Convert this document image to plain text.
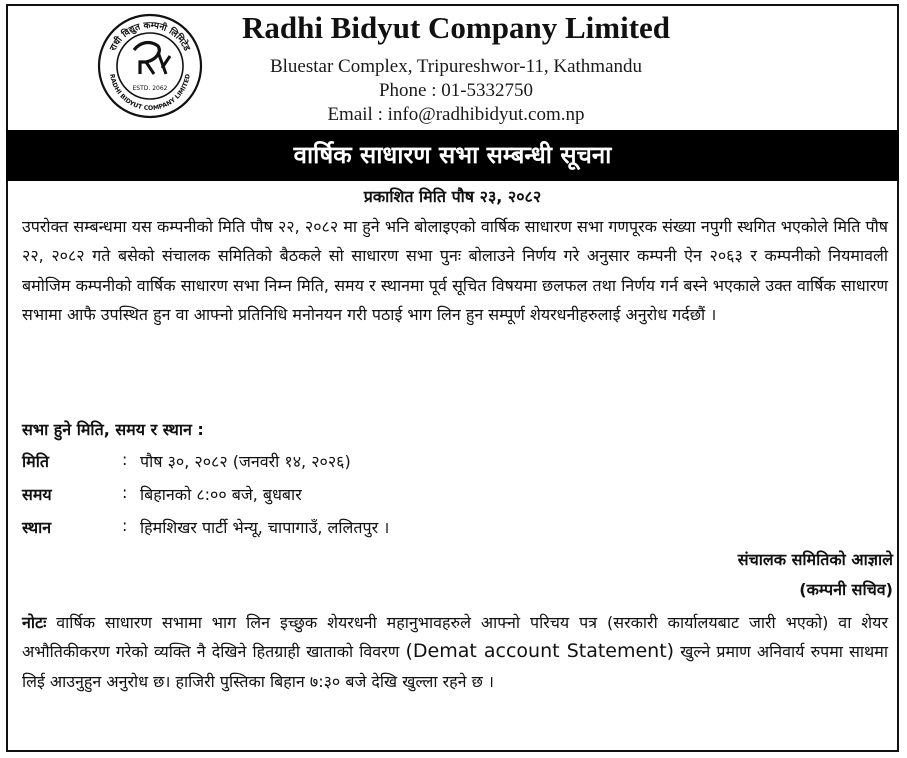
राधी विद्युत कम्पनी लिमिटेड
RADHI BIDYUT COMPANY LIMITED
ESTD. 2062
Radhi Bidyut Company Limited
Bluestar Complex, Tripureshwor-11, Kathmandu
Phone : 01-5332750
Email : info@radhibidyut.com.np
वार्षिक साधारण सभा सम्बन्धी सूचना
प्रकाशित मिति पौष २३, २०८२

उपरोक्त सम्बन्धमा यस कम्पनीको मिति पौष २२, २०८२ मा हुने भनि बोलाइएको वार्षिक साधारण सभा गणपूरक संख्या नपुगी स्थगित भएकोले मिति पौष २२, २०८२ गते बसेको संचालक समितिको बैठकले सो साधारण सभा पुनः बोलाउने निर्णय गरे अनुसार कम्पनी ऐन २०६३ र कम्पनीको नियमावली बमोजिम कम्पनीको वार्षिक साधारण सभा निम्न मिति, समय र स्थानमा पूर्व सूचित विषयमा छलफल तथा निर्णय गर्न बस्ने भएकाले उक्त वार्षिक साधारण सभामा आफै उपस्थित हुन वा आफ्नो प्रतिनिधि मनोनयन गरी पठाई भाग लिन हुन सम्पूर्ण शेयरधनीहरुलाई अनुरोध गर्दछौं ।

सभा हुने मिति, समय र स्थान :
मिति	: पौष ३०, २०८२ (जनवरी १४, २०२६)
समय	: बिहानको ८:०० बजे, बुधबार
स्थान	: हिमशिखर पार्टी भेन्यू, चापागाउँ, ललितपुर ।
संचालक समितिको आज्ञाले
(कम्पनी सचिव)

नोटः वार्षिक साधारण सभामा भाग लिन इच्छुक शेयरधनी महानुभावहरुले आफ्नो परिचय पत्र (सरकारी कार्यालयबाट जारी भएको) वा शेयर अभौतिकीकरण गरेको व्यक्ति नै देखिने हितग्राही खाताको विवरण (Demat account Statement) खुल्ने प्रमाण अनिवार्य रुपमा साथमा लिई आउनुहुन अनुरोध छ। हाजिरी पुस्तिका बिहान ७:३० बजे देखि खुल्ला रहने छ ।
